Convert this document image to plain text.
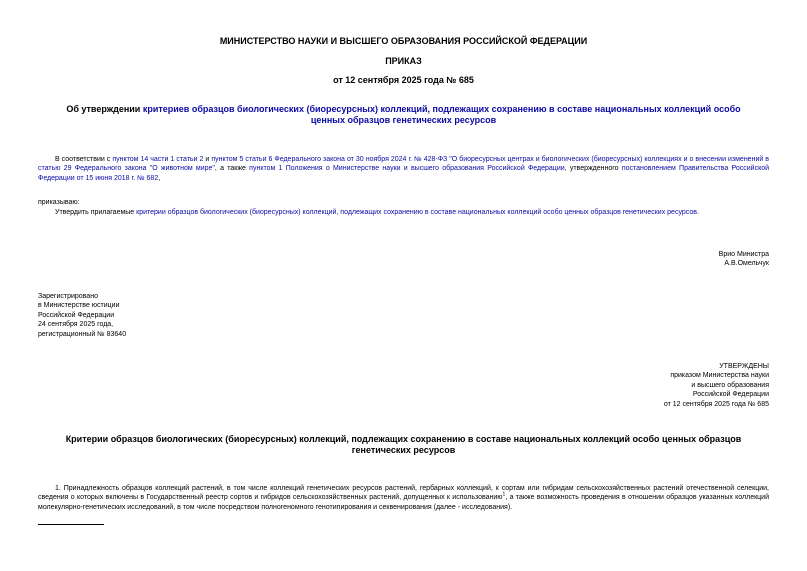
МИНИСТЕРСТВО НАУКИ И ВЫСШЕГО ОБРАЗОВАНИЯ РОССИЙСКОЙ ФЕДЕРАЦИИ
ПРИКАЗ
от 12 сентября 2025 года № 685
Об утверждении критериев образцов биологических (биоресурсных) коллекций, подлежащих сохранению в составе национальных коллекций особо ценных образцов генетических ресурсов
В соответствии с пунктом 14 части 1 статьи 2 и пунктом 5 статьи 6 Федерального закона от 30 ноября 2024 г. № 428-ФЗ "О биоресурсных центрах и биологических (биоресурсных) коллекциях и о внесении изменений в статью 29 Федерального закона "О животном мире", а также пунктом 1 Положения о Министерстве науки и высшего образования Российской Федерации, утвержденного постановлением Правительства Российской Федерации от 15 июня 2018 г. № 682,
приказываю:
Утвердить прилагаемые критерии образцов биологических (биоресурсных) коллекций, подлежащих сохранению в составе национальных коллекций особо ценных образцов генетических ресурсов.
Врио Министра
А.В.Омельчук
Зарегистрировано
в Министерстве юстиции
Российской Федерации
24 сентября 2025 года,
регистрационный № 83640
УТВЕРЖДЕНЫ
приказом Министерства науки
и высшего образования
Российской Федерации
от 12 сентября 2025 года № 685
Критерии образцов биологических (биоресурсных) коллекций, подлежащих сохранению в составе национальных коллекций особо ценных образцов генетических ресурсов
1. Принадлежность образцов коллекций растений, в том числе коллекций генетических ресурсов растений, гербарных коллекций, к сортам или гибридам сельскохозяйственных растений отечественной селекции, сведения о которых включены в Государственный реестр сортов и гибридов сельскохозяйственных растений, допущенных к использованию$^1$, а также возможность проведения в отношении образцов указанных коллекций молекулярно-генетических исследований, в том числе посредством полногеномного генотипирования и секвенирования (далее - исследования).
